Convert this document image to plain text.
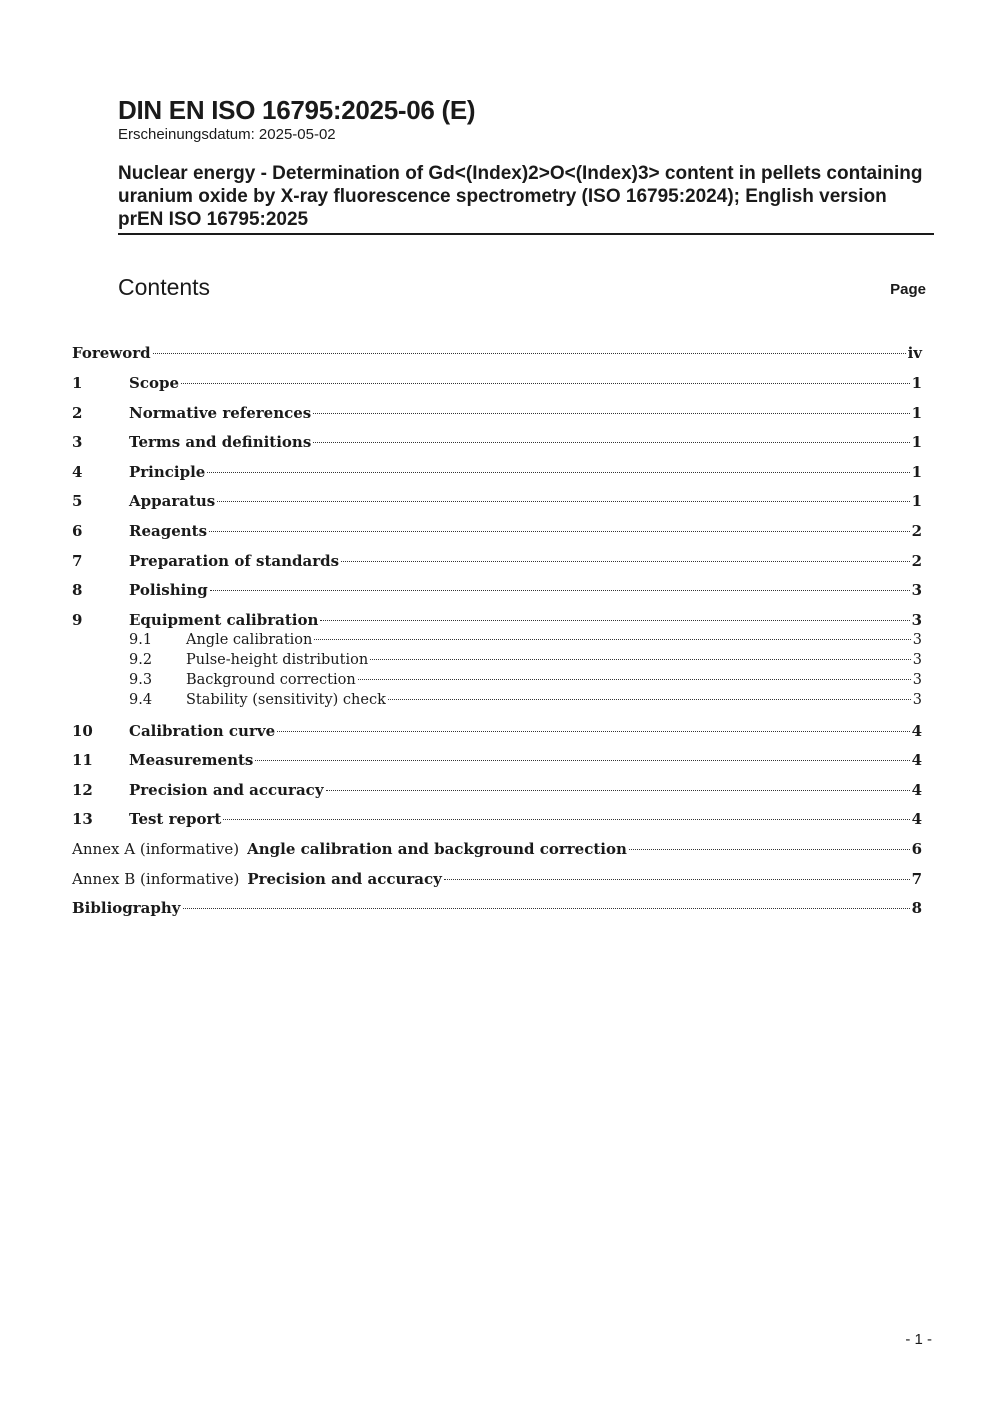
DIN EN ISO 16795:2025-06 (E)
Erscheinungsdatum: 2025-05-02
Nuclear energy - Determination of Gd<(Index)2>O<(Index)3> content in pellets containing uranium oxide by X-ray fluorescence spectrometry (ISO 16795:2024); English version prEN ISO 16795:2025
Contents	Page
Foreword	iv
1	Scope	1
2	Normative references	1
3	Terms and definitions	1
4	Principle	1
5	Apparatus	1
6	Reagents	2
7	Preparation of standards	2
8	Polishing	3
9	Equipment calibration	3
9.1	Angle calibration	3
9.2	Pulse-height distribution	3
9.3	Background correction	3
9.4	Stability (sensitivity) check	3
10	Calibration curve	4
11	Measurements	4
12	Precision and accuracy	4
13	Test report	4
Annex A (informative) Angle calibration and background correction	6
Annex B (informative) Precision and accuracy	7
Bibliography	8
- 1 -
